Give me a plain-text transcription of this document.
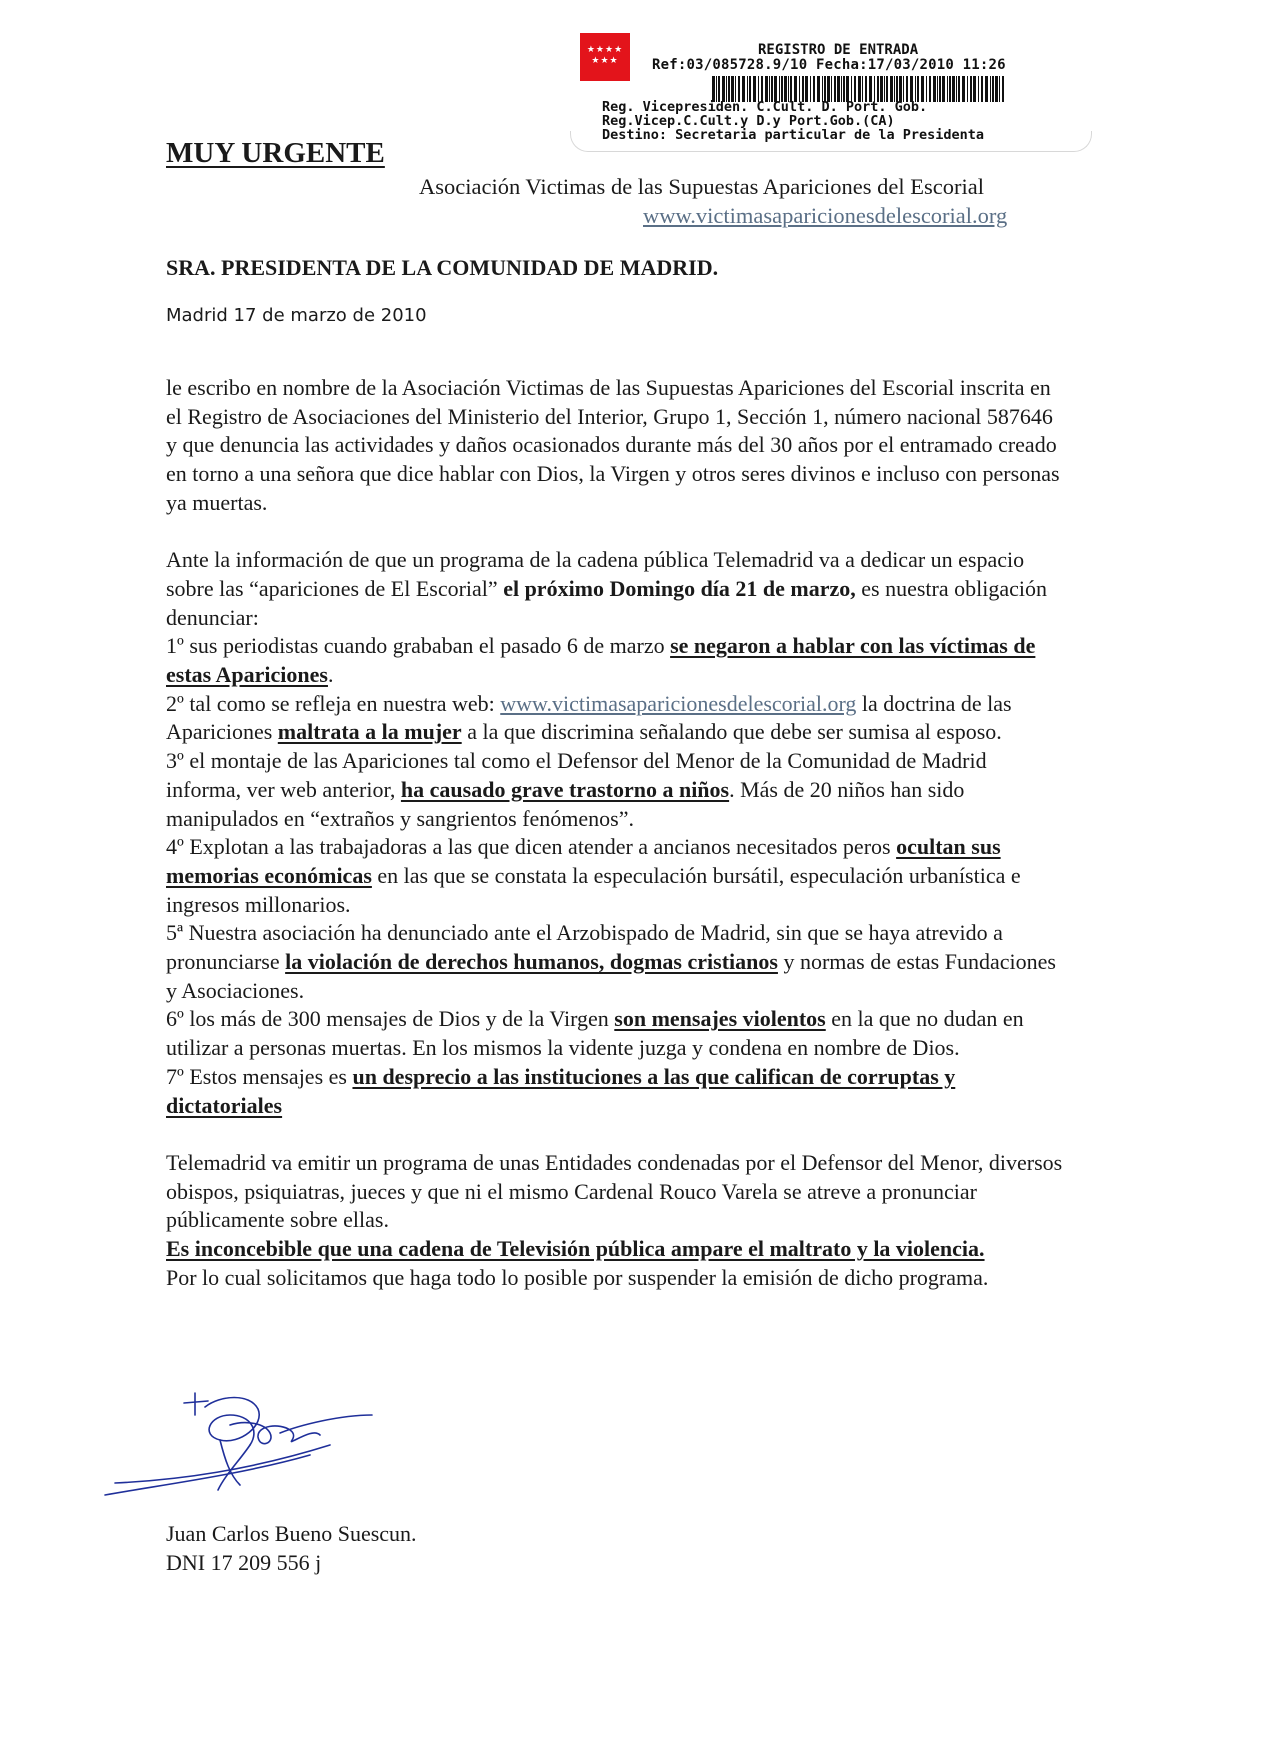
★★★★
★★★
REGISTRO DE ENTRADA
Ref:03/085728.9/10 Fecha:17/03/2010 11:26
Reg. Vicepresiden. C.Cult. D. Port. Gob.
Reg.Vicep.C.Cult.y D.y Port.Gob.(CA)
Destino: Secretaria particular de la Presidenta
MUY URGENTE
Asociación Victimas de las Supuestas Apariciones del Escorial
www.victimasaparicionesdelescorial.org
SRA. PRESIDENTA DE LA COMUNIDAD DE MADRID.
Madrid 17 de marzo de 2010

le escribo en nombre de la Asociación Victimas de las Supuestas Apariciones del Escorial inscrita en el Registro de Asociaciones del Ministerio del Interior, Grupo 1, Sección 1, número nacional 587646 y que denuncia las actividades y daños ocasionados durante más del 30 años por el entramado creado en torno a una señora que dice hablar con Dios, la Virgen y otros seres divinos e incluso con personas ya muertas.

Ante la información de que un programa de la cadena pública Telemadrid va a dedicar un espacio sobre las “apariciones de El Escorial” el próximo Domingo día 21 de marzo, es nuestra obligación denunciar:

1º sus periodistas cuando grababan el pasado 6 de marzo se negaron a hablar con las víctimas de estas Apariciones.

2º tal como se refleja en nuestra web: www.victimasaparicionesdelescorial.org la doctrina de las Apariciones maltrata a la mujer a la que discrimina señalando que debe ser sumisa al esposo.

3º el montaje de las Apariciones tal como el Defensor del Menor de la Comunidad de Madrid informa, ver web anterior, ha causado grave trastorno a niños. Más de 20 niños han sido manipulados en “extraños y sangrientos fenómenos”.

4º Explotan a las trabajadoras a las que dicen atender a ancianos necesitados peros ocultan sus memorias económicas en las que se constata la especulación bursátil, especulación urbanística e ingresos millonarios.

5ª Nuestra asociación ha denunciado ante el Arzobispado de Madrid, sin que se haya atrevido a pronunciarse la violación de derechos humanos, dogmas cristianos y normas de estas Fundaciones y Asociaciones.

6º los más de 300 mensajes de Dios y de la Virgen son mensajes violentos en la que no dudan en utilizar a personas muertas. En los mismos la vidente juzga y condena en nombre de Dios.

7º Estos mensajes es un desprecio a las instituciones a las que califican de corruptas y dictatoriales

Telemadrid va emitir un programa de unas Entidades condenadas por el Defensor del Menor, diversos obispos, psiquiatras, jueces y que ni el mismo Cardenal Rouco Varela se atreve a pronunciar públicamente sobre ellas.

Es inconcebible que una cadena de Televisión pública ampare el maltrato y la violencia.

Por lo cual solicitamos que haga todo lo posible por suspender la emisión de dicho programa.

Juan Carlos Bueno Suescun.
DNI 17 209 556 j
